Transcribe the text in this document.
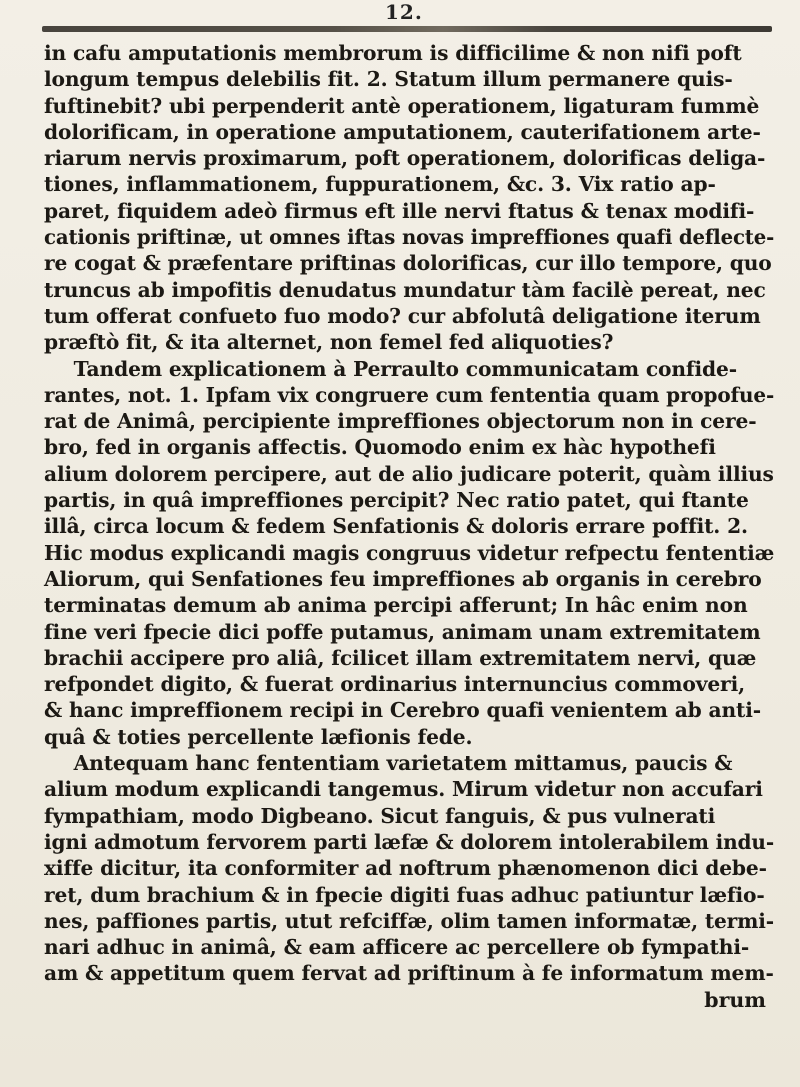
12.
in cafu amputationis membrorum is difficilime & non nifi poft
longum tempus delebilis fit. 2. Statum illum permanere quis-
fuftinebit? ubi perpenderit antè operationem, ligaturam fummè
dolorificam, in operatione amputationem, cauterifationem arte-
riarum nervis proximarum, poft operationem, dolorificas deliga-
tiones, inflammationem, fuppurationem, &c. 3. Vix ratio ap-
paret, fiquidem adeò firmus eft ille nervi ftatus & tenax modifi-
cationis priftinæ, ut omnes iftas novas impreffiones quafi deflecte-
re cogat & præfentare priftinas dolorificas, cur illo tempore, quo
truncus ab impofitis denudatus mundatur tàm facilè pereat, nec
tum offerat confueto fuo modo? cur abfolutâ deligatione iterum
præftò fit, & ita alternet, non femel fed aliquoties?
Tandem explicationem à Perraulto communicatam confide-
rantes, not. 1. Ipfam vix congruere cum fententia quam propofue-
rat de Animâ, percipiente impreffiones objectorum non in cere-
bro, fed in organis affectis. Quomodo enim ex hàc hypothefi
alium dolorem percipere, aut de alio judicare poterit, quàm illius
partis, in quâ impreffiones percipit? Nec ratio patet, qui ftante
illâ, circa locum & fedem Senfationis & doloris errare poffit. 2.
Hic modus explicandi magis congruus videtur refpectu fententiæ
Aliorum, qui Senfationes feu impreffiones ab organis in cerebro
terminatas demum ab anima percipi afferunt; In hâc enim non
fine veri fpecie dici poffe putamus, animam unam extremitatem
brachii accipere pro aliâ, fcilicet illam extremitatem nervi, quæ
refpondet digito, & fuerat ordinarius internuncius commoveri,
& hanc impreffionem recipi in Cerebro quafi venientem ab anti-
quâ & toties percellente læfionis fede.
Antequam hanc fententiam varietatem mittamus, paucis &
alium modum explicandi tangemus. Mirum videtur non accufari
fympathiam, modo Digbeano. Sicut fanguis, & pus vulnerati
igni admotum fervorem parti læfæ & dolorem intolerabilem indu-
xiffe dicitur, ita conformiter ad noftrum phænomenon dici debe-
ret, dum brachium & in fpecie digiti fuas adhuc patiuntur læfio-
nes, paffiones partis, utut refciffæ, olim tamen informatæ, termi-
nari adhuc in animâ, & eam afficere ac percellere ob fympathi-
am & appetitum quem fervat ad priftinum à fe informatum mem-
brum
